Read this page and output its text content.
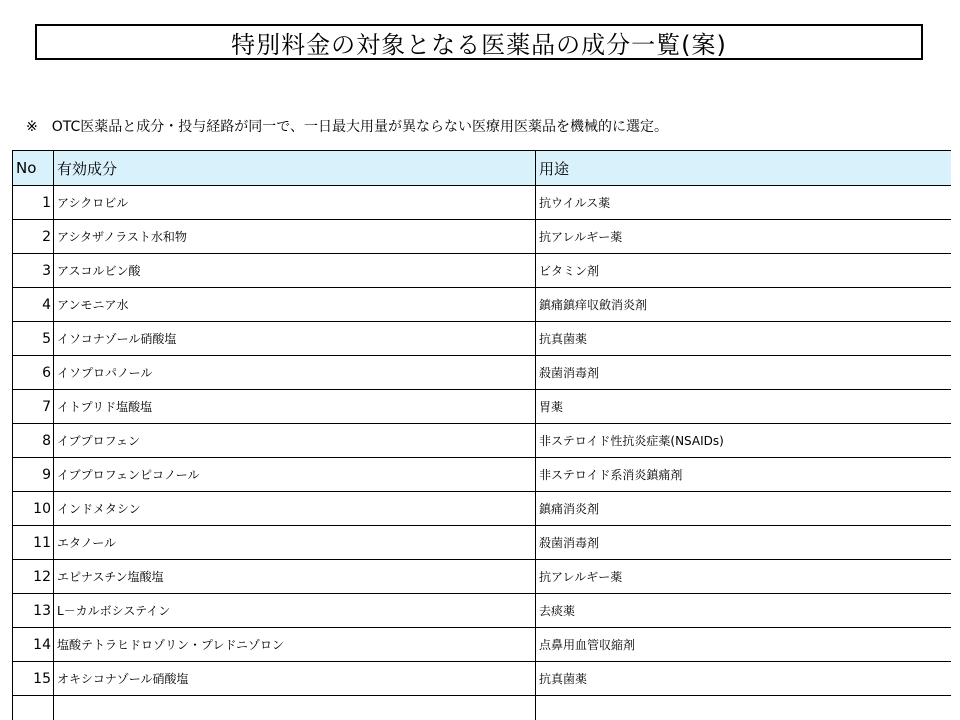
特別料金の対象となる医薬品の成分一覧(案)
※　OTC医薬品と成分・投与経路が同一で、一日最大用量が異ならない医療用医薬品を機械的に選定。
No	有効成分	用途
1	アシクロビル	抗ウイルス薬
2	アシタザノラスト水和物	抗アレルギー薬
3	アスコルビン酸	ビタミン剤
4	アンモニア水	鎮痛鎮痒収斂消炎剤
5	イソコナゾール硝酸塩	抗真菌薬
6	イソプロパノール	殺菌消毒剤
7	イトプリド塩酸塩	胃薬
8	イブプロフェン	非ステロイド性抗炎症薬(NSAIDs)
9	イブプロフェンピコノール	非ステロイド系消炎鎮痛剤
10	インドメタシン	鎮痛消炎剤
11	エタノール	殺菌消毒剤
12	エピナスチン塩酸塩	抗アレルギー薬
13	L－カルボシステイン	去痰薬
14	塩酸テトラヒドロゾリン・プレドニゾロン	点鼻用血管収縮剤
15	オキシコナゾール硝酸塩	抗真菌薬
